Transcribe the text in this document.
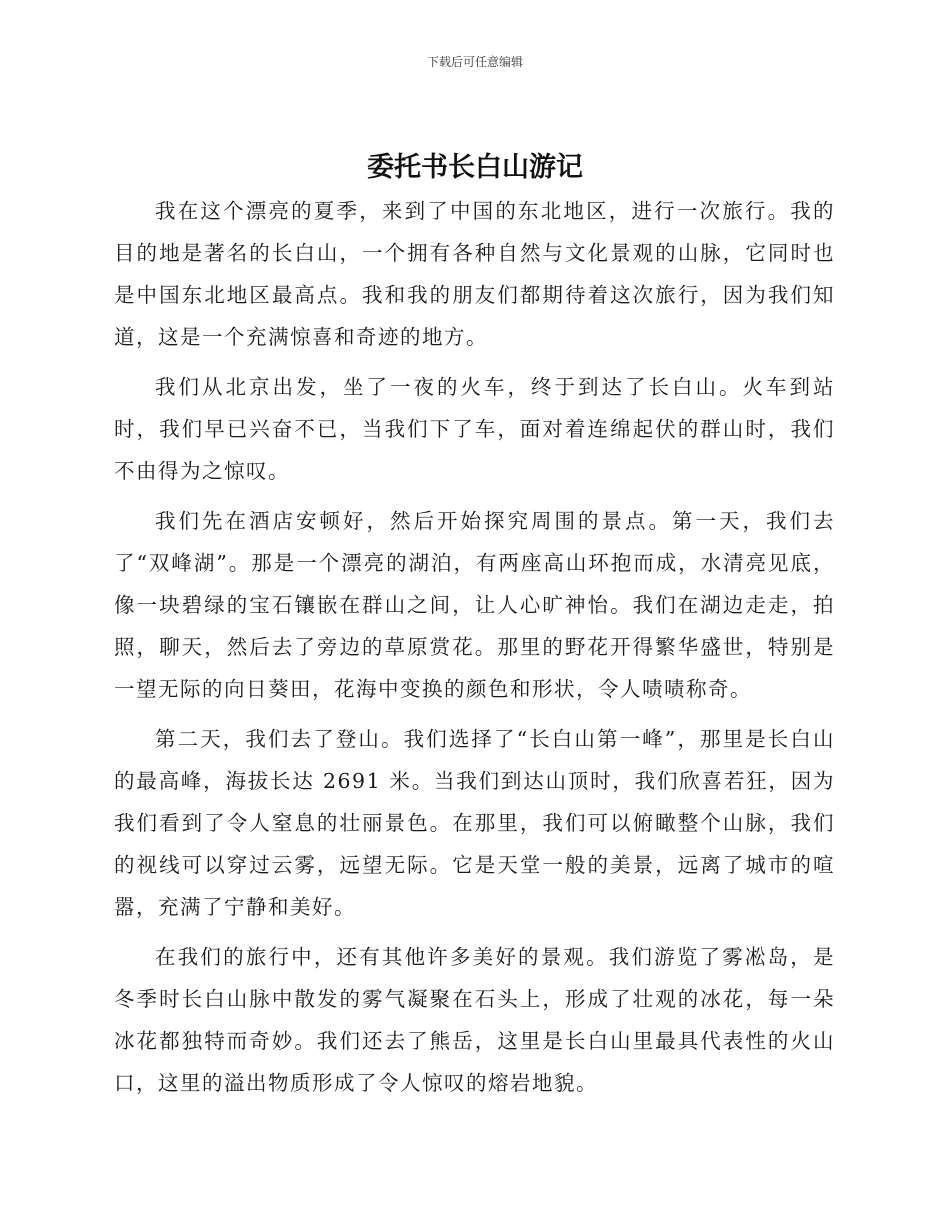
下载后可任意编辑
委托书长白山游记

我在这个漂亮的夏季，来到了中国的东北地区，进行一次旅行。我的目的地是著名的长白山，一个拥有各种自然与文化景观的山脉，它同时也是中国东北地区最高点。我和我的朋友们都期待着这次旅行，因为我们知道，这是一个充满惊喜和奇迹的地方。

我们从北京出发，坐了一夜的火车，终于到达了长白山。火车到站时，我们早已兴奋不已，当我们下了车，面对着连绵起伏的群山时，我们不由得为之惊叹。

我们先在酒店安顿好，然后开始探究周围的景点。第一天，我们去了“双峰湖”。那是一个漂亮的湖泊，有两座高山环抱而成，水清亮见底，像一块碧绿的宝石镶嵌在群山之间，让人心旷神怡。我们在湖边走走，拍照，聊天，然后去了旁边的草原赏花。那里的野花开得繁华盛世，特别是一望无际的向日葵田，花海中变换的颜色和形状，令人啧啧称奇。

第二天，我们去了登山。我们选择了“长白山第一峰”，那里是长白山的最高峰，海拔长达 2691 米。当我们到达山顶时，我们欣喜若狂，因为我们看到了令人窒息的壮丽景色。在那里，我们可以俯瞰整个山脉，我们的视线可以穿过云雾，远望无际。它是天堂一般的美景，远离了城市的喧嚣，充满了宁静和美好。

在我们的旅行中，还有其他许多美好的景观。我们游览了雾凇岛，是冬季时长白山脉中散发的雾气凝聚在石头上，形成了壮观的冰花，每一朵冰花都独特而奇妙。我们还去了熊岳，这里是长白山里最具代表性的火山口，这里的溢出物质形成了令人惊叹的熔岩地貌。
